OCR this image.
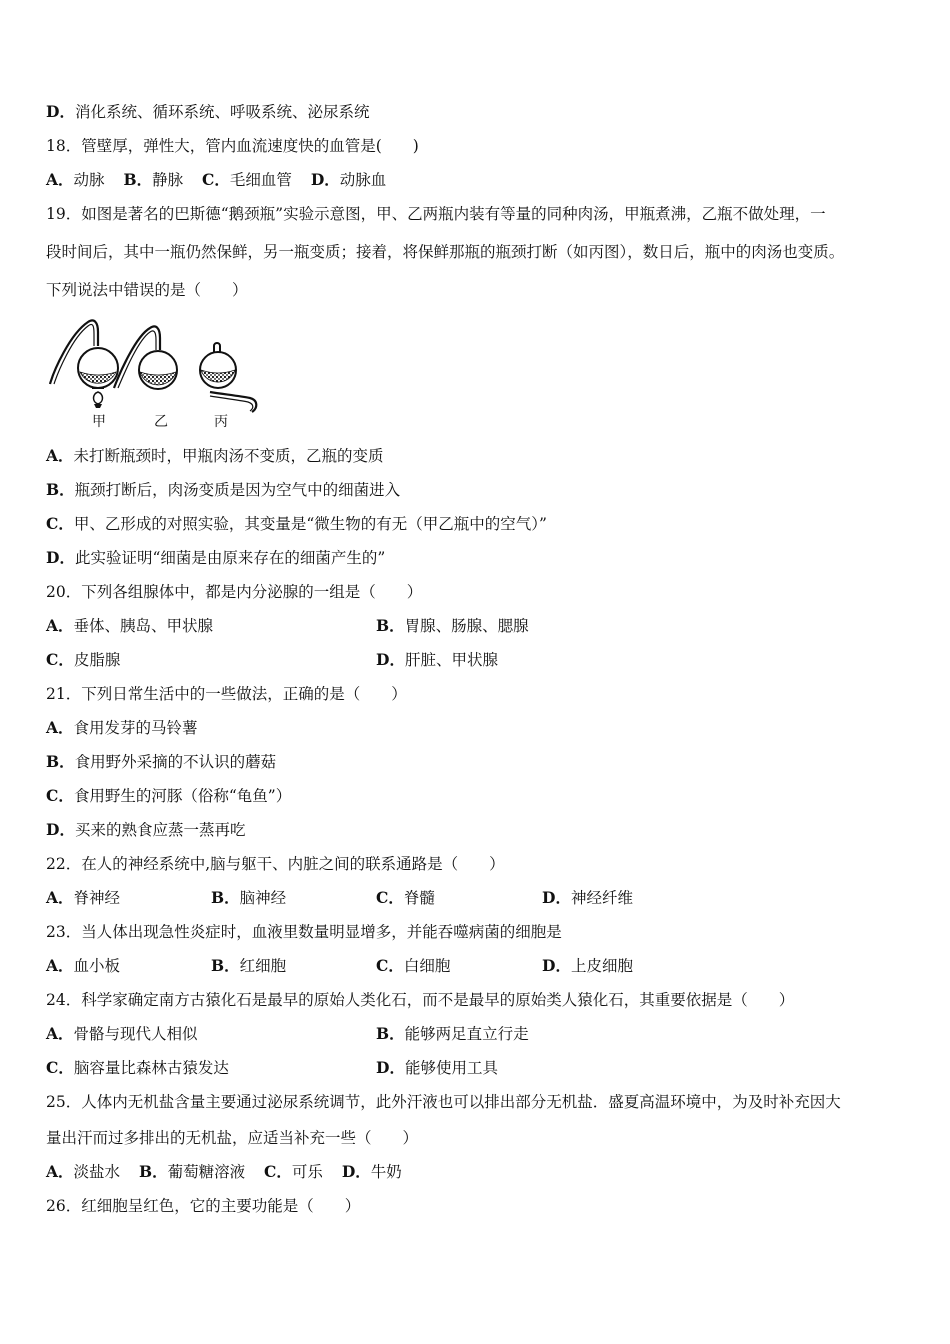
D．消化系统、循环系统、呼吸系统、泌尿系统
18．管壁厚，弹性大，管内血流速度快的血管是(　　)
A．动脉 B．静脉 C．毛细血管 D．动脉血
19．如图是著名的巴斯德“鹅颈瓶”实验示意图，甲、乙两瓶内装有等量的同种肉汤，甲瓶煮沸，乙瓶不做处理，一
段时间后，其中一瓶仍然保鲜，另一瓶变质；接着，将保鲜那瓶的瓶颈打断（如丙图），数日后，瓶中的肉汤也变质。
下列说法中错误的是（　　）
甲	乙	丙
A．未打断瓶颈时，甲瓶肉汤不变质，乙瓶的变质
B．瓶颈打断后，肉汤变质是因为空气中的细菌进入
C．甲、乙形成的对照实验，其变量是“微生物的有无（甲乙瓶中的空气）”
D．此实验证明“细菌是由原来存在的细菌产生的”
20．下列各组腺体中，都是内分泌腺的一组是（　　）
A．垂体、胰岛、甲状腺	B．胃腺、肠腺、腮腺
C．皮脂腺	D．肝脏、甲状腺
21．下列日常生活中的一些做法，正确的是（　　）
A．食用发芽的马铃薯
B．食用野外采摘的不认识的蘑菇
C．食用野生的河豚（俗称“龟鱼”）
D．买来的熟食应蒸一蒸再吃
22．在人的神经系统中,脑与躯干、内脏之间的联系通路是（　　）
A．脊神经	B．脑神经	C．脊髓	D．神经纤维
23．当人体出现急性炎症时，血液里数量明显增多，并能吞噬病菌的细胞是
A．血小板	B．红细胞	C．白细胞	D．上皮细胞
24．科学家确定南方古猿化石是最早的原始人类化石，而不是最早的原始类人猿化石，其重要依据是（　　）
A．骨骼与现代人相似	B．能够两足直立行走
C．脑容量比森林古猿发达	D．能够使用工具
25．人体内无机盐含量主要通过泌尿系统调节，此外汗液也可以排出部分无机盐．盛夏高温环境中，为及时补充因大
量出汗而过多排出的无机盐，应适当补充一些（　　）
A．淡盐水 B．葡萄糖溶液 C．可乐 D．牛奶
26．红细胞呈红色，它的主要功能是（　　）
